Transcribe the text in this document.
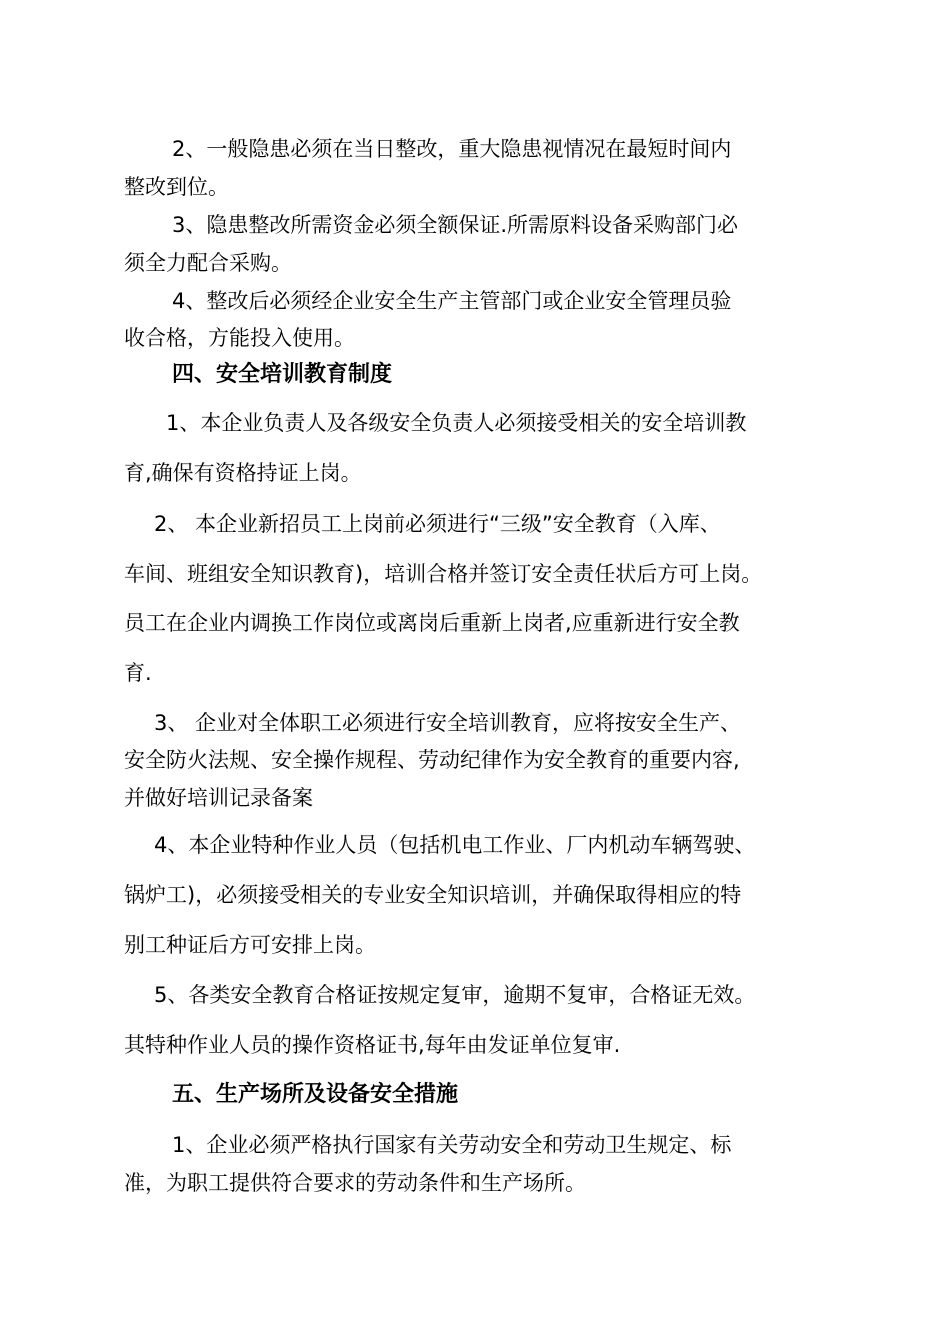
2、一般隐患必须在当日整改，重大隐患视情况在最短时间内
整改到位。
3、隐患整改所需资金必须全额保证.所需原料设备采购部门必
须全力配合采购。
4、整改后必须经企业安全生产主管部门或企业安全管理员验
收合格，方能投入使用。
四、安全培训教育制度
1、本企业负责人及各级安全负责人必须接受相关的安全培训教
育,确保有资格持证上岗。
2、 本企业新招员工上岗前必须进行“三级”安全教育（入库、
车间、班组安全知识教育)，培训合格并签订安全责任状后方可上岗。
员工在企业内调换工作岗位或离岗后重新上岗者,应重新进行安全教
育.
3、 企业对全体职工必须进行安全培训教育，应将按安全生产、
安全防火法规、安全操作规程、劳动纪律作为安全教育的重要内容,
并做好培训记录备案
4、本企业特种作业人员（包括机电工作业、厂内机动车辆驾驶、
锅炉工)，必须接受相关的专业安全知识培训，并确保取得相应的特
别工种证后方可安排上岗。
5、各类安全教育合格证按规定复审，逾期不复审，合格证无效。
其特种作业人员的操作资格证书,每年由发证单位复审.
五、生产场所及设备安全措施
1、企业必须严格执行国家有关劳动安全和劳动卫生规定、标
准，为职工提供符合要求的劳动条件和生产场所。
